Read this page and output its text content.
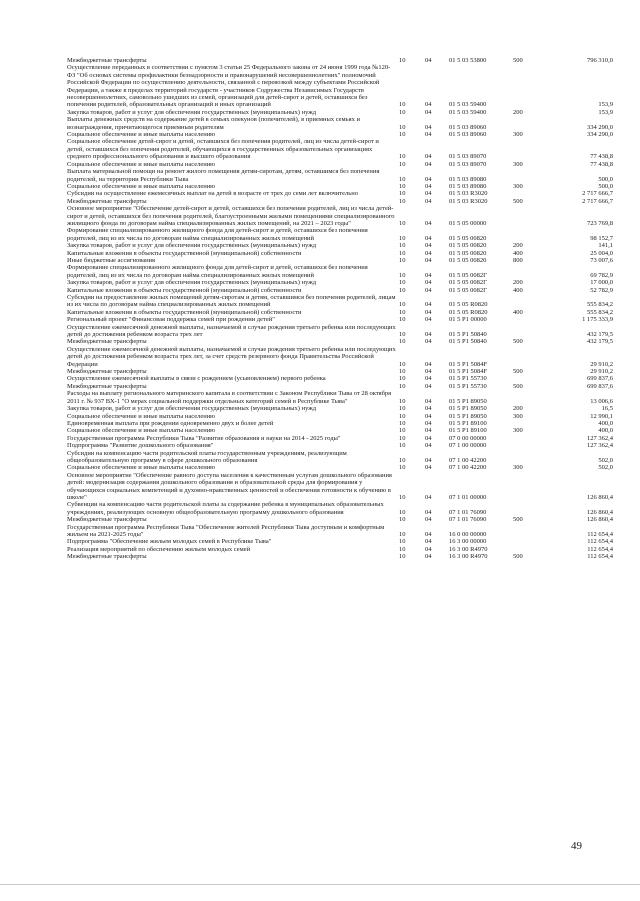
Межбюджетные трансферты	10	04	01 5 03 53800	500	796 310,0
Осуществление переданных в соответствии с пунктом 3 статьи 25 Федерального закона от 24 июня 1999 года №120-ФЗ "Об основах системы профилактики безнадзорности и правонарушений несовершеннолетних" полномочий Российской Федерации по осуществлению деятельности, связанной с перевозкой между субъектами Российской Федерации, а также в пределах территорий государств - участников Содружества Независимых Государств несовершеннолетних, самовольно ушедших из семей, организаций для детей-сирот и детей, оставшихся без попечения родителей, образовательных организаций и иных организаций	10	04	01 5 03 59400		153,9
Закупка товаров, работ и услуг для обеспечения государственных (муниципальных) нужд	10	04	01 5 03 59400	200	153,9
Выплаты денежных средств на содержание детей в семьях опекунов (попечителей), в приемных семьях и вознаграждения, причитающегося приемным родителям	10	04	01 5 03 89060		334 290,0
Социальное обеспечение и иные выплаты населению	10	04	01 5 03 89060	300	334 290,0
Социальное обеспечение детей-сирот и детей, оставшихся без попечения родителей, лиц из числа детей-сирот и детей, оставшихся без попечения родителей, обучающихся в государственных образовательных организациях среднего профессионального образования и высшего образования	10	04	01 5 03 89070		77 438,8
Социальное обеспечение и иные выплаты населению	10	04	01 5 03 89070	300	77 438,8
Выплата материальной помощи на ремонт жилого помещения детям-сиротам, детям, оставшимся без попечения родителей, на территории Республики Тыва	10	04	01 5 03 89080		500,0
Социальное обеспечение и иные выплаты населению	10	04	01 5 03 89080	300	500,0
Субсидии на осуществление ежемесячных выплат на детей в возрасте от трех до семи лет включительно	10	04	01 5 03 R3020		2 717 666,7
Межбюджетные трансферты	10	04	01 5 03 R3020	500	2 717 666,7
Основное мероприятие "Обеспечение детей-сирот и детей, оставшихся без попечения родителей, лиц из числа детей-сирот и детей, оставшихся без попечения родителей, благоустроенными жилыми помещениями специализированного жилищного фонда по договорам найма специализированных жилых помещений, на 2021 – 2023 годы"	10	04	01 5 05 00000		723 769,8
Формирование специализированного жилищного фонда для детей-сирот и детей, оставшихся без попечения родителей, лиц из их числа по договорам найма специализированных жилых помещений	10	04	01 5 05 00820		98 152,7
Закупка товаров, работ и услуг для обеспечения государственных (муниципальных) нужд	10	04	01 5 05 00820	200	141,1
Капитальные вложения в объекты государственной (муниципальной) собственности	10	04	01 5 05 00820	400	25 004,0
Иные бюджетные ассигнования	10	04	01 5 05 00820	800	73 007,6
Формирование специализированного жилищного фонда для детей-сирот и детей, оставшихся без попечения родителей, лиц из их числа по договорам найма специализированных жилых помещений	10	04	01 5 05 0082Г		69 782,9
Закупка товаров, работ и услуг для обеспечения государственных (муниципальных) нужд	10	04	01 5 05 0082Г	200	17 000,0
Капитальные вложения в объекты государственной (муниципальной) собственности	10	04	01 5 05 0082Г	400	52 782,9
Субсидии на предоставление жилых помещений детям-сиротам и детям, оставшимся без попечения родителей, лицам из их числа по договорам найма специализированных жилых помещений	10	04	01 5 05 R0820		555 834,2
Капитальные вложения в объекты государственной (муниципальной) собственности	10	04	01 5 05 R0820	400	555 834,2
Региональный проект "Финансовая поддержка семей при рождении детей"	10	04	01 5 P1 00000		1 175 333,9
Осуществление ежемесячной денежной выплаты, назначаемой в случае рождения третьего ребенка или последующих детей до достижения ребенком возраста трех лет	10	04	01 5 P1 50840		432 179,5
Межбюджетные трансферты	10	04	01 5 P1 50840	500	432 179,5
Осуществление ежемесячной денежной выплаты, назначаемой в случае рождения третьего ребенка или последующих детей до достижения ребенком возраста трех лет, за счет средств резервного фонда Правительства Российской Федерации	10	04	01 5 P1 5084F		29 910,2
Межбюджетные трансферты	10	04	01 5 P1 5084F	500	29 910,2
Осуществление ежемесячной выплаты в связи с рождением (усыновлением) первого ребенка	10	04	01 5 P1 55730		699 837,6
Межбюджетные трансферты	10	04	01 5 P1 55730	500	699 837,6
Расходы на выплату регионального материнского капитала в соответствии с Законом Республики Тыва от 28 октября 2011 г. № 937 ВХ-1 "О мерах социальной поддержки отдельных категорий семей в Республике Тыва"	10	04	01 5 P1 89050		13 006,6
Закупка товаров, работ и услуг для обеспечения государственных (муниципальных) нужд	10	04	01 5 P1 89050	200	16,5
Социальное обеспечение и иные выплаты населению	10	04	01 5 P1 89050	300	12 990,1
Единовременная выплата при рождении одновременно двух и более детей	10	04	01 5 P1 89100		400,0
Социальное обеспечение и иные выплаты населению	10	04	01 5 P1 89100	300	400,0
Государственная программа Республики Тыва "Развитие образования и науки на 2014 - 2025 годы"	10	04	07 0 00 00000		127 362,4
Подпрограмма "Развитие дошкольного образования"	10	04	07 1 00 00000		127 362,4
Субсидии на компенсацию части родительской платы государственным учреждениям, реализующим общеобразовательную программу в сфере дошкольного образования	10	04	07 1 00 42200		502,0
Социальное обеспечение и иные выплаты населению	10	04	07 1 00 42200	300	502,0
Основное мероприятие "Обеспечение равного доступа населения к качественным услугам дошкольного образования детей: модернизация содержания дошкольного образования и образовательной среды для формирования у обучающихся социальных компетенций и духовно-нравственных ценностей и обеспечения готовности к обучению в школе"	10	04	07 1 01 00000		126 860,4
Субвенции на компенсацию части родительской платы за содержание ребенка в муниципальных образовательных учреждениях, реализующих основную общеобразовательную программу дошкольного образования	10	04	07 1 01 76090		126 860,4
Межбюджетные трансферты	10	04	07 1 01 76090	500	126 860,4
Государственная программа Республики Тыва "Обеспечение жителей Республики Тыва доступным и комфортным жильем на 2021-2025 годы"	10	04	16 0 00 00000		112 654,4
Подпрограмма "Обеспечение жильем молодых семей в Республике Тыва"	10	04	16 3 00 00000		112 654,4
Реализация мероприятий по обеспечению жильем молодых семей	10	04	16 3 00 R4970		112 654,4
Межбюджетные трансферты	10	04	16 3 00 R4970	500	112 654,4
49
